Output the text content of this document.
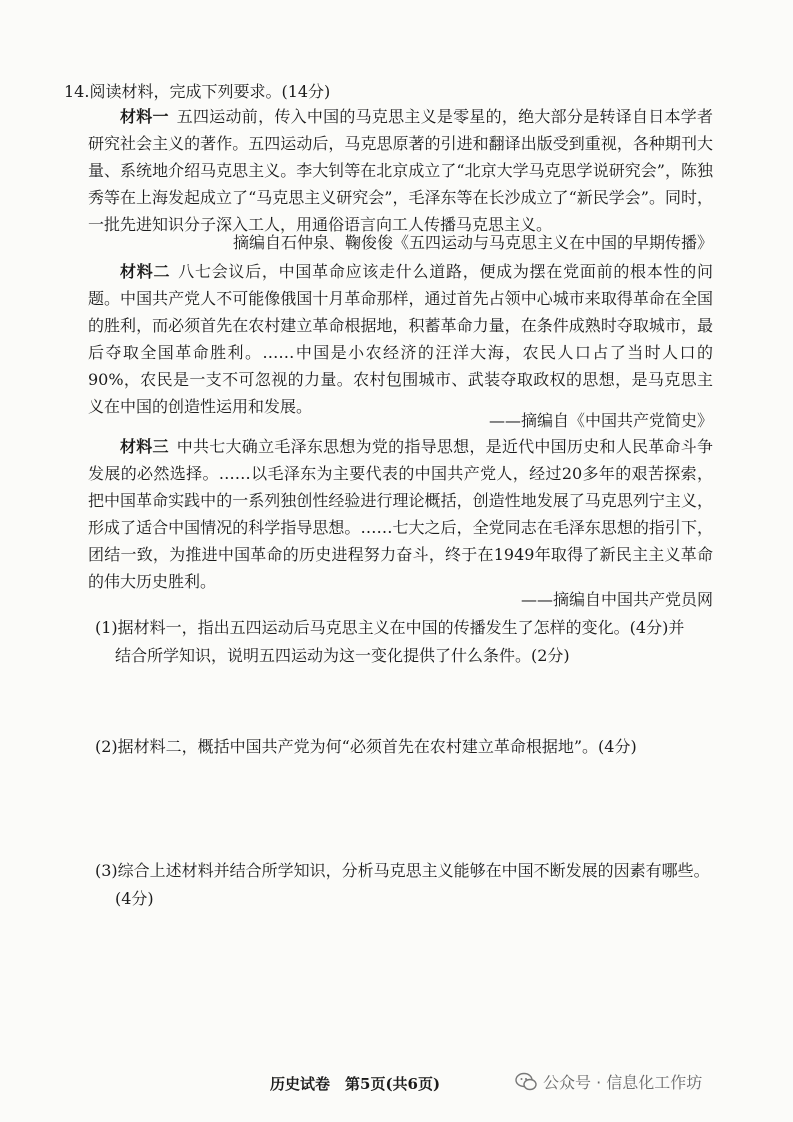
14.阅读材料，完成下列要求。(14分)

材料一 五四运动前，传入中国的马克思主义是零星的，绝大部分是转译自日本学者研究社会主义的著作。五四运动后，马克思原著的引进和翻译出版受到重视，各种期刊大量、系统地介绍马克思主义。李大钊等在北京成立了“北京大学马克思学说研究会”，陈独秀等在上海发起成立了“马克思主义研究会”，毛泽东等在长沙成立了“新民学会”。同时，一批先进知识分子深入工人，用通俗语言向工人传播马克思主义。

摘编自石仲泉、鞠俊俊《五四运动与马克思主义在中国的早期传播》

材料二 八七会议后，中国革命应该走什么道路，便成为摆在党面前的根本性的问题。中国共产党人不可能像俄国十月革命那样，通过首先占领中心城市来取得革命在全国的胜利，而必须首先在农村建立革命根据地，积蓄革命力量，在条件成熟时夺取城市，最后夺取全国革命胜利。……中国是小农经济的汪洋大海，农民人口占了当时人口的90%，农民是一支不可忽视的力量。农村包围城市、武装夺取政权的思想，是马克思主义在中国的创造性运用和发展。

——摘编自《中国共产党简史》

材料三 中共七大确立毛泽东思想为党的指导思想，是近代中国历史和人民革命斗争发展的必然选择。……以毛泽东为主要代表的中国共产党人，经过20多年的艰苦探索，把中国革命实践中的一系列独创性经验进行理论概括，创造性地发展了马克思列宁主义，形成了适合中国情况的科学指导思想。……七大之后，全党同志在毛泽东思想的指引下，团结一致，为推进中国革命的历史进程努力奋斗，终于在1949年取得了新民主主义革命的伟大历史胜利。

——摘编自中国共产党员网
(1)据材料一，指出五四运动后马克思主义在中国的传播发生了怎样的变化。(4分)并
结合所学知识，说明五四运动为这一变化提供了什么条件。(2分)
(2)据材料二，概括中国共产党为何“必须首先在农村建立革命根据地”。(4分)
(3)综合上述材料并结合所学知识，分析马克思主义能够在中国不断发展的因素有哪些。
(4分)
历史试卷　第5页(共6页)	公众号 · 信息化工作坊
